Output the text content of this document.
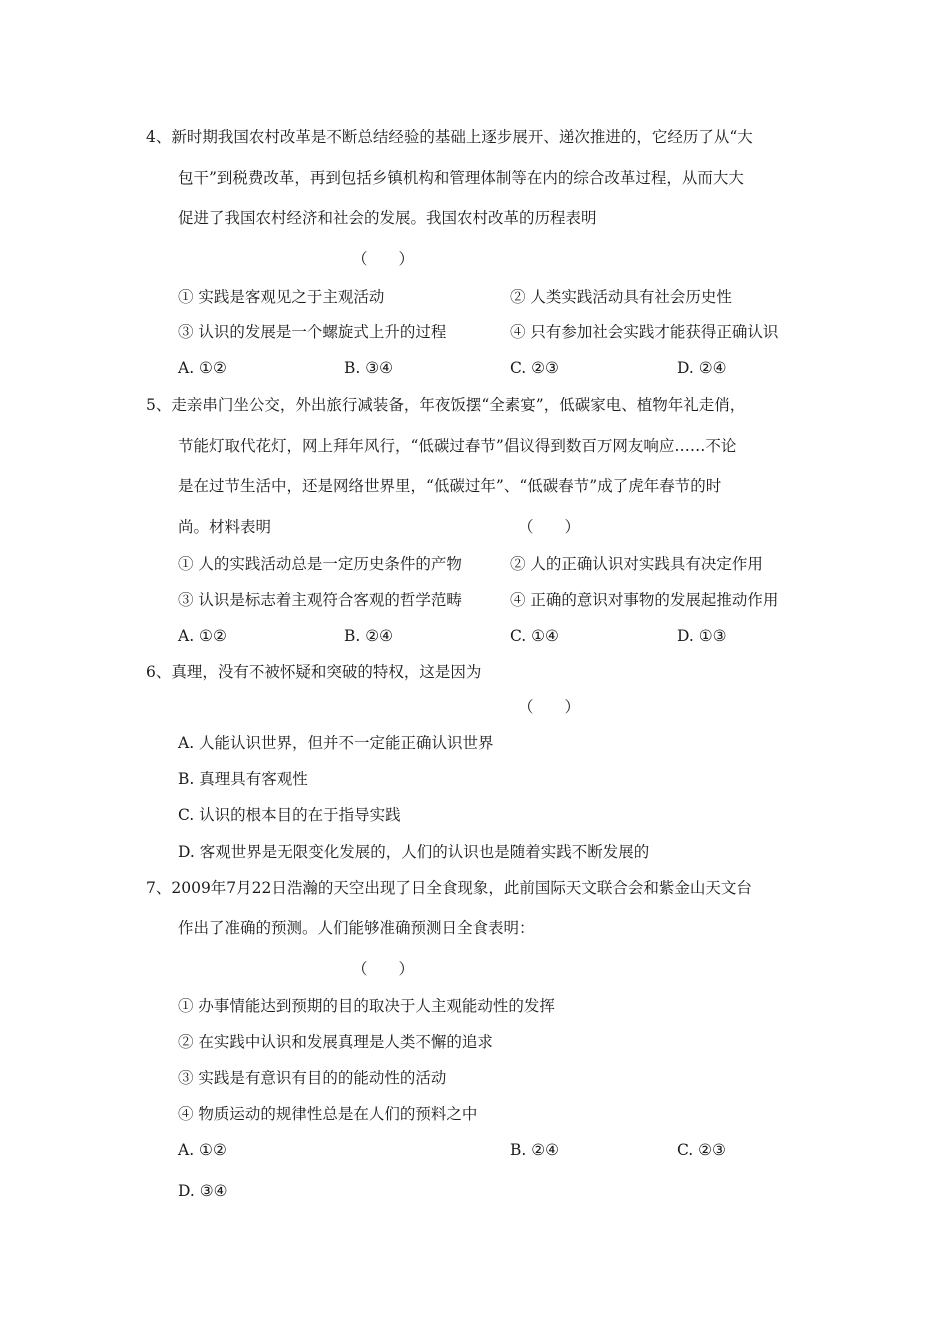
4、新时期我国农村改革是不断总结经验的基础上逐步展开、递次推进的，它经历了从“大
包干”到税费改革，再到包括乡镇机构和管理体制等在内的综合改革过程，从而大大
促进了我国农村经济和社会的发展。我国农村改革的历程表明
（　　）
① 实践是客观见之于主观活动	② 人类实践活动具有社会历史性
③ 认识的发展是一个螺旋式上升的过程	④ 只有参加社会实践才能获得正确认识
A. ①②	B. ③④	C. ②③	D. ②④
5、走亲串门坐公交，外出旅行减装备，年夜饭摆“全素宴”，低碳家电、植物年礼走俏，
节能灯取代花灯，网上拜年风行，“低碳过春节”倡议得到数百万网友响应……不论
是在过节生活中，还是网络世界里，“低碳过年”、“低碳春节”成了虎年春节的时
尚。材料表明	（　　）
① 人的实践活动总是一定历史条件的产物	② 人的正确认识对实践具有决定作用
③ 认识是标志着主观符合客观的哲学范畴	④ 正确的意识对事物的发展起推动作用
A. ①②	B. ②④	C. ①④	D. ①③
6、真理，没有不被怀疑和突破的特权，这是因为
（　　）
A. 人能认识世界，但并不一定能正确认识世界
B. 真理具有客观性
C. 认识的根本目的在于指导实践
D. 客观世界是无限变化发展的，人们的认识也是随着实践不断发展的
7、2009年7月22日浩瀚的天空出现了日全食现象，此前国际天文联合会和紫金山天文台
作出了准确的预测。人们能够准确预测日全食表明：
（　　）
① 办事情能达到预期的目的取决于人主观能动性的发挥
② 在实践中认识和发展真理是人类不懈的追求
③ 实践是有意识有目的的能动性的活动
④ 物质运动的规律性总是在人们的预料之中
A. ①②	B. ②④	C. ②③
D. ③④
